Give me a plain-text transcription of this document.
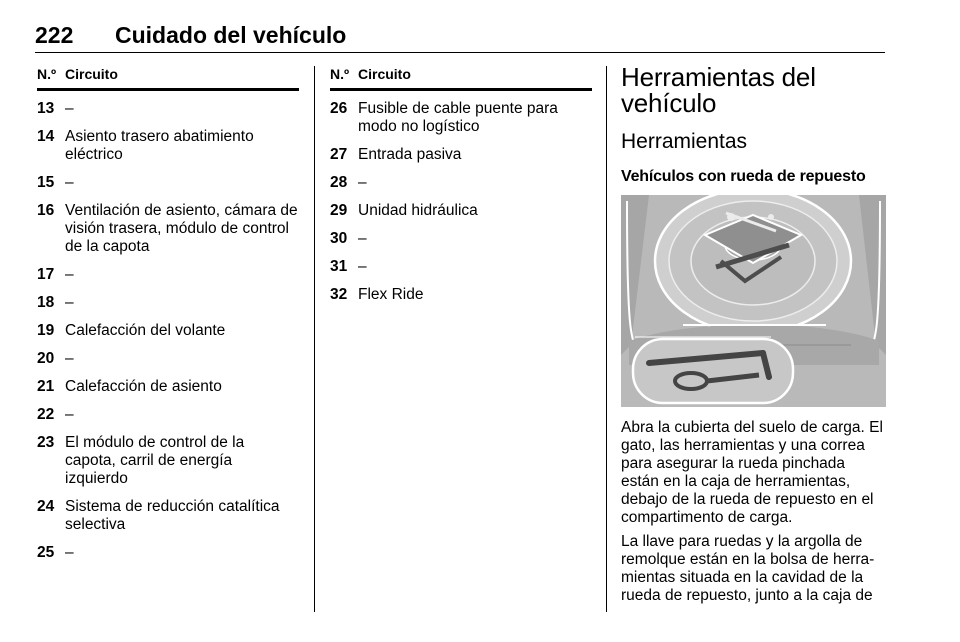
222 Cuidado del vehículo
N.º Circuito
13 –
14 Asiento trasero abatimiento eléctrico
15 –
16 Ventilación de asiento, cámara de visión trasera, módulo de control de la capota
17 –
18 –
19 Calefacción del volante
20 –
21 Calefacción de asiento
22 –
23 El módulo de control de la capota, carril de energía izquierdo
24 Sistema de reducción catalítica selectiva
25 –
N.º Circuito
26 Fusible de cable puente para modo no logístico
27 Entrada pasiva
28 –
29 Unidad hidráulica
30 –
31 –
32 Flex Ride
Herramientas del vehículo
Herramientas
Vehículos con rueda de repuesto

Abra la cubierta del suelo de carga. El gato, las herramientas y una correa para asegurar la rueda pinchada están en la caja de herramientas, debajo de la rueda de repuesto en el compartimento de carga.

La llave para ruedas y la argolla de remolque están en la bolsa de herra-mientas situada en la cavidad de la rueda de repuesto, junto a la caja de
